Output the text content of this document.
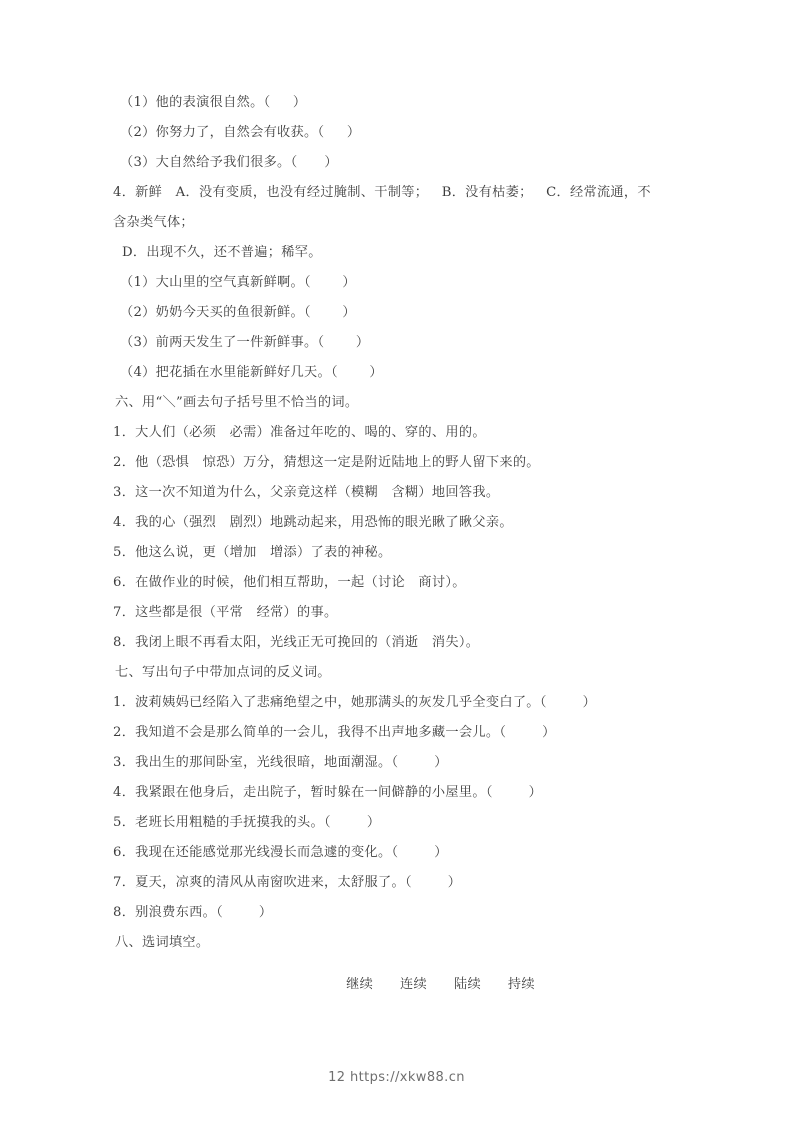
（1）他的表演很自然。（     ）
（2）你努力了，自然会有收获。（     ）
（3）大自然给予我们很多。（      ）
4．新鲜   A．没有变质，也没有经过腌制、干制等；   B．没有枯萎；   C．经常流通，不
含杂类气体；
D．出现不久，还不普遍；稀罕。
（1）大山里的空气真新鲜啊。（       ）
（2）奶奶今天买的鱼很新鲜。（       ）
（3）前两天发生了一件新鲜事。（       ）
（4）把花插在水里能新鲜好几天。（       ）
六、用“＼”画去句子括号里不恰当的词。
1．大人们（必须　必需）准备过年吃的、喝的、穿的、用的。
2．他（恐惧　惊恐）万分，猜想这一定是附近陆地上的野人留下来的。
3．这一次不知道为什么，父亲竟这样（模糊　含糊）地回答我。
4．我的心（强烈　剧烈）地跳动起来，用恐怖的眼光瞅了瞅父亲。
5．他这么说，更（增加　增添）了表的神秘。
6．在做作业的时候，他们相互帮助，一起（讨论　商讨）。
7．这些都是很（平常　经常）的事。
8．我闭上眼不再看太阳，光线正无可挽回的（消逝　消失）。
七、写出句子中带加点词的反义词。
1．波莉姨妈已经陷入了悲痛绝望之中，她那满头的灰发几乎全变白了。（        ）
2．我知道不会是那么简单的一会儿，我得不出声地多藏一会儿。（        ）
3．我出生的那间卧室，光线很暗，地面潮湿。（        ）
4．我紧跟在他身后，走出院子，暂时躲在一间僻静的小屋里。（        ）
5．老班长用粗糙的手抚摸我的头。（        ）
6．我现在还能感觉那光线漫长而急遽的变化。（        ）
7．夏天，凉爽的清风从南窗吹进来，太舒服了。（        ）
8．别浪费东西。（        ）
八、选词填空。
继续　　连续　　陆续　　持续
12 https://xkw88.cn
